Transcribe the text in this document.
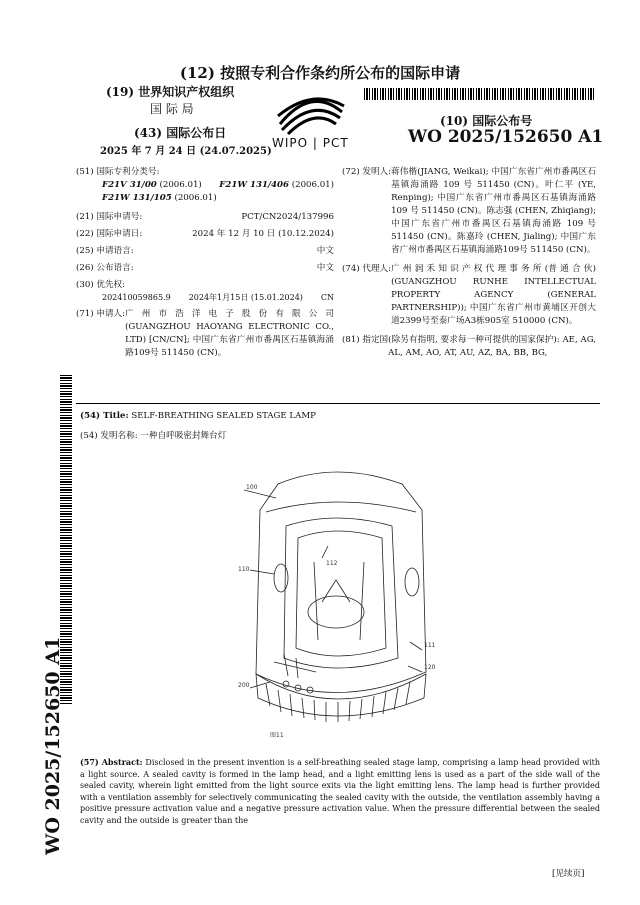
(12) 按照专利合作条约所公布的国际申请
(19) 世界知识产权组织
国 际 局
(43) 国际公布日
2025 年 7 月 24 日 (24.07.2025)
WIPO | PCT
(10) 国际公布号
WO 2025/152650 A1
(51) 国际专利分类号:
F21V 31/00 (2006.01) F21W 131/406 (2006.01)
F21W 131/105 (2006.01)
(21) 国际申请号:	PCT/CN2024/137996
(22) 国际申请日:	2024 年 12 月 10 日 (10.12.2024)
(25) 申请语言:	中文
(26) 公布语言:	中文
(30) 优先权:
202410059865.9 2024年1月15日 (15.01.2024) CN
(71) 申请人: 广 州 市 浩 洋 电 子 股 份 有 限 公 司 (GUANGZHOU HAOYANG ELECTRONIC CO., LTD) [CN/CN]; 中国广东省广州市番禺区石基镇海涌路109号 511450 (CN)。
(72) 发明人: 蒋伟楷(JIANG, Weikai); 中国广东省广州市番禺区石基镇海涌路 109 号 511450 (CN)。叶仁平 (YE, Renping); 中国广东省广州市番禺区石基镇海涌路 109 号 511450 (CN)。陈志强 (CHEN, Zhiqiang); 中国广东省广州市番禺区石基镇海涌路 109 号 511450 (CN)。陈嘉玲 (CHEN, Jialing); 中国广东省广州市番禺区石基镇海涌路109号 511450 (CN)。
(74) 代理人: 广 州 润 禾 知 识 产 权 代 理 事 务 所 (普 通 合 伙) (GUANGZHOU RUNHE INTELLECTUAL PROPERTY AGENCY (GENERAL PARTNERSHIP)); 中国广东省广州市黄埔区开创大道2399号至泰广场A3栋905室 510000 (CN)。
(81) 指定国 (除另有指明, 要求每一种可提供的国家保护): AE, AG, AL, AM, AO, AT, AU, AZ, BA, BB, BG,
WO 2025/152650 A1
(54) Title: SELF-BREATHING SEALED STAGE LAMP
(54) 发明名称: 一种自呼吸密封舞台灯
100
110
112
111
120
200
图11
(57) Abstract: Disclosed in the present invention is a self-breathing sealed stage lamp, comprising a lamp head provided with a light source. A sealed cavity is formed in the lamp head, and a light emitting lens is used as a part of the side wall of the sealed cavity, wherein light emitted from the light source exits via the light emitting lens. The lamp head is further provided with a ventilation assembly for selectively communicating the sealed cavity with the outside, the ventilation assembly having a positive pressure activation value and a negative pressure activation value. When the pressure differential between the sealed cavity and the outside is greater than the
[见续页]
